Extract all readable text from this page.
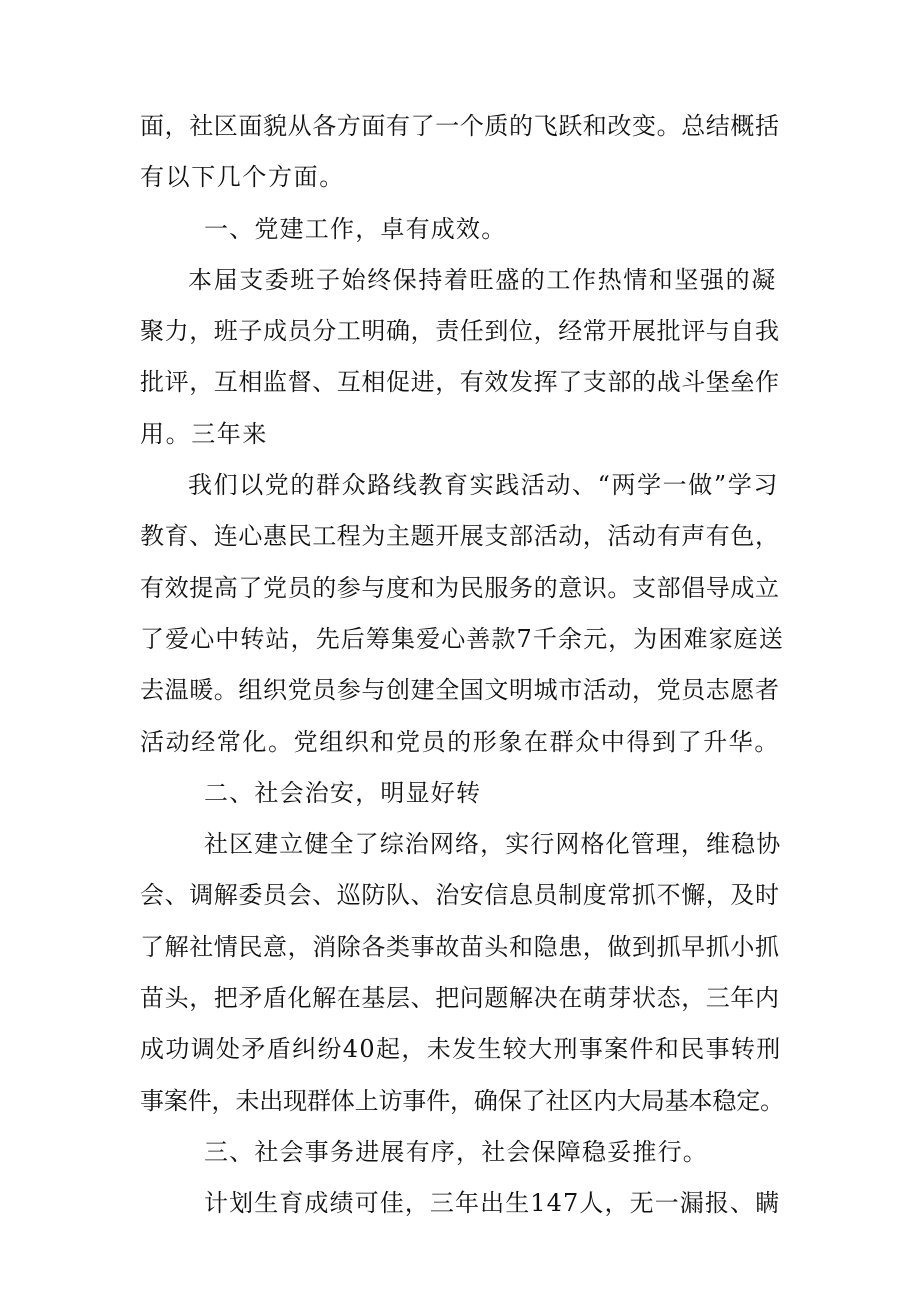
面，社区面貌从各方面有了一个质的飞跃和改变。总结概括
有以下几个方面。
一、党建工作，卓有成效。
本届支委班子始终保持着旺盛的工作热情和坚强的凝
聚力，班子成员分工明确，责任到位，经常开展批评与自我
批评，互相监督、互相促进，有效发挥了支部的战斗堡垒作
用。三年来
我们以党的群众路线教育实践活动、“两学一做”学习
教育、连心惠民工程为主题开展支部活动，活动有声有色，
有效提高了党员的参与度和为民服务的意识。支部倡导成立
了爱心中转站，先后筹集爱心善款7千余元，为困难家庭送
去温暖。组织党员参与创建全国文明城市活动，党员志愿者
活动经常化。党组织和党员的形象在群众中得到了升华。
二、社会治安，明显好转
社区建立健全了综治网络，实行网格化管理，维稳协
会、调解委员会、巡防队、治安信息员制度常抓不懈，及时
了解社情民意，消除各类事故苗头和隐患，做到抓早抓小抓
苗头，把矛盾化解在基层、把问题解决在萌芽状态，三年内
成功调处矛盾纠纷40起，未发生较大刑事案件和民事转刑
事案件，未出现群体上访事件，确保了社区内大局基本稳定。
三、社会事务进展有序，社会保障稳妥推行。
计划生育成绩可佳，三年出生147人，无一漏报、瞒
